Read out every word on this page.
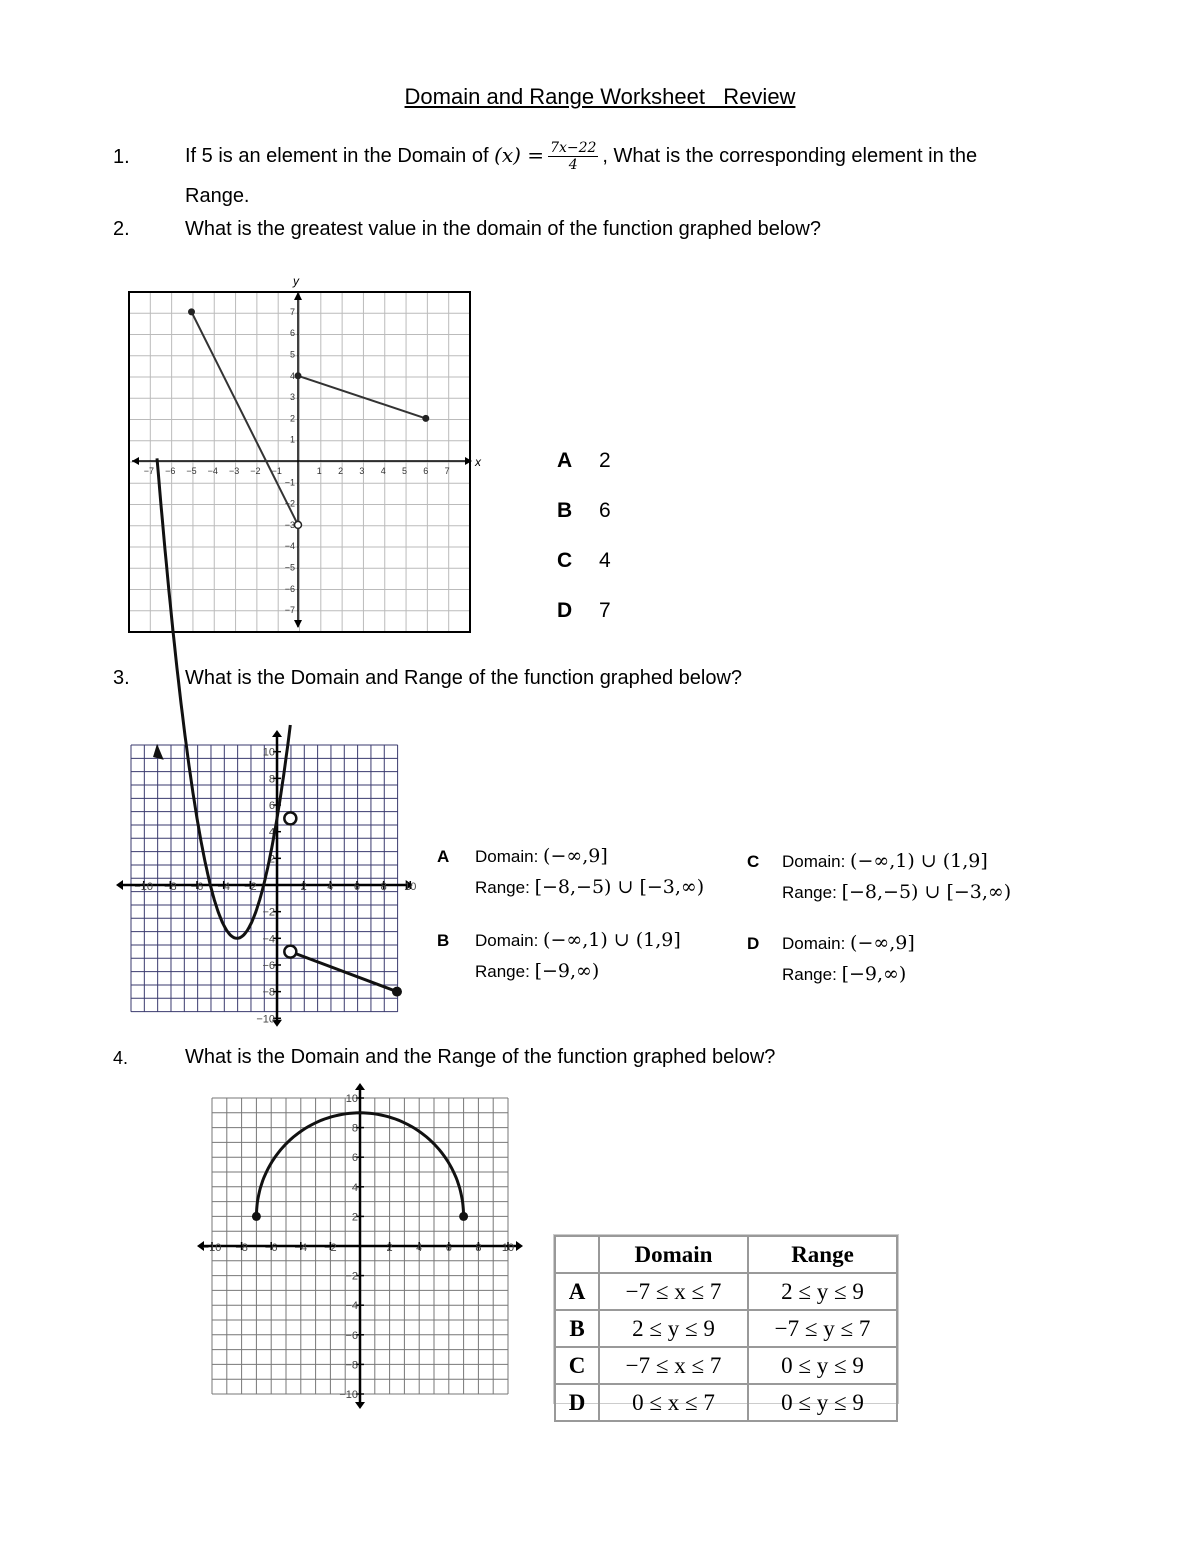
Domain and Range Worksheet   Review
1.	If 5 is an element in the Domain of $(x) = \frac{7x-22}{4}$ , What is the corresponding element in the
Range.
2.	What is the greatest value in the domain of the function graphed below?
x
y
−7 −6 −5 −4 −3 −2 −1	1 2 3 4 5 6 7
1
2
3
4
5
6
7
−1
−2
−3
−4
−5
−6
−7
A 2
B 6
C 4
D 7
3.	What is the Domain and Range of the function graphed below?
−10 −8 −6 −4 −2	2 4 6 8 10
10
8
6
4
2
−2
−4
−6
−8
−10
A Domain: (−∞,9]
Range: [−8,−5) ∪ [−3,∞)
B Domain: (−∞,1) ∪ (1,9]
Range: [−9,∞)
C Domain: (−∞,1) ∪ (1,9]
Range: [−8,−5) ∪ [−3,∞)
D Domain: (−∞,9]
Range: [−9,∞)
4.	What is the Domain and the Range of the function graphed below?
−10 −8 −6 −4 −2	2 4 6 8 10
10
8
6
4
2
−2
−4
−6
−8
−10
	Domain	Range
A	−7 ≤ x ≤ 7	2 ≤ y ≤ 9
B	2 ≤ y ≤ 9	−7 ≤ y ≤ 7
C	−7 ≤ x ≤ 7	0 ≤ y ≤ 9
D	0 ≤ x ≤ 7	0 ≤ y ≤ 9
